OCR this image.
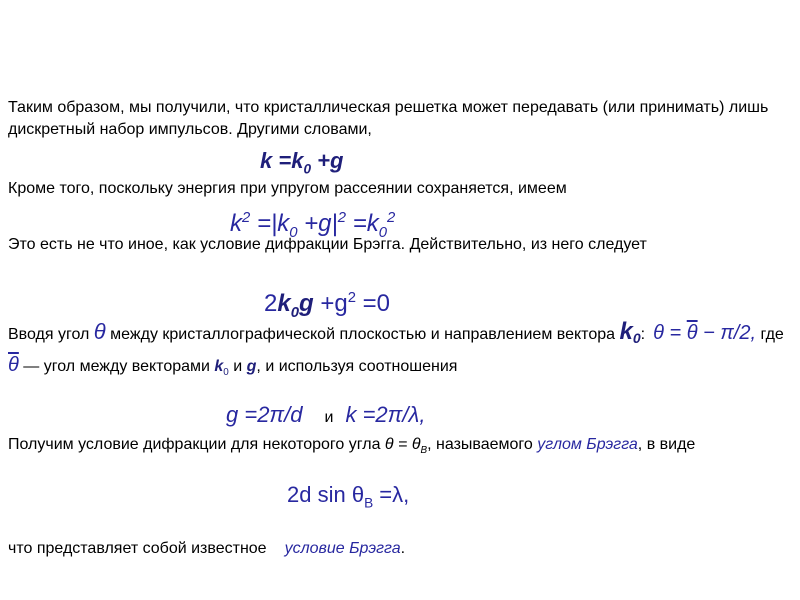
Таким образом, мы получили, что кристаллическая решетка может передавать (или принимать) лишь дискретный набор импульсов. Другими словами,
$k =k_0 +g$
Кроме того, поскольку энергия при упругом рассеянии сохраняется, имеем
$k^2 =|k_0 +g|^2 =k_0^2$
Это есть не что иное, как условие дифракции Брэгга. Действительно, из него следует
$2k_0g +g^2 =0$
Вводя угол θ между кристаллографической плоскостью и направлением вектора k0: $\theta = \overline{\theta} - \pi/2$, где $\overline{\theta}$ — угол между векторами $k_0$ и g, и используя соотношения
g =2π/d и k =2π/λ,
Получим условие дифракции для некоторого угла $\theta = \theta_B$, называемого углом Брэгга, в виде
2d $\sin \theta_B =\lambda$,
что представляет собой известное условие Брэгга.
